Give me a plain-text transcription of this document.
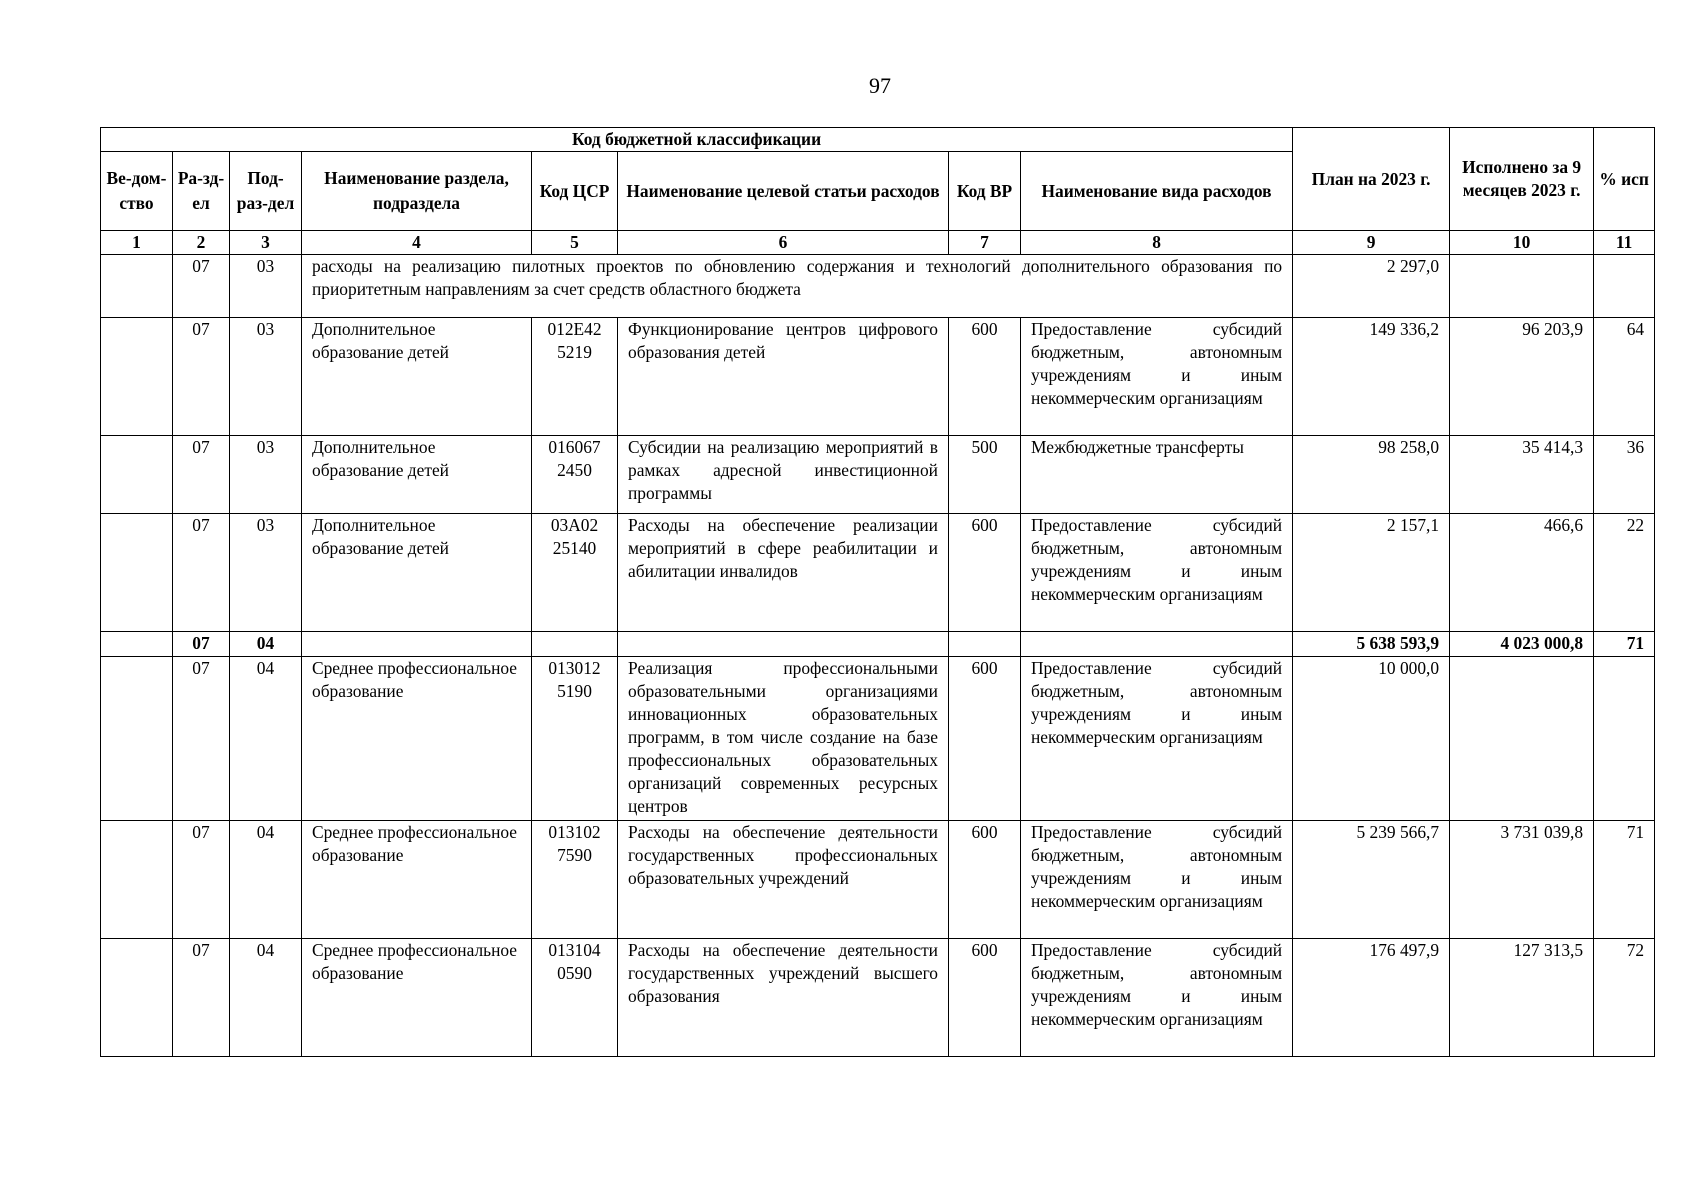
97
Код бюджетной классификации								План на 2023 г.	Исполнено за 9 месяцев 2023 г.	% исп
Ве-дом-ство	Ра-зд-ел	Под-раз-дел	Наименование раздела, подраздела	Код ЦСР	Наименование целевой статьи расходов	Код ВР	Наименование вида расходов			
1	2	3	4	5	6	7	8	9	10	11
	07	03	расходы на реализацию пилотных проектов по обновлению содержания и технологий дополнительного образования по приоритетным направлениям за счет средств областного бюджета					2 297,0		
	07	03	Дополнительное образование детей	012E42 5219	Функционирование центров цифрового образования детей	600	Предоставление субсидий бюджетным, автономным учреждениям и иным некоммерческим организациям	149 336,2	96 203,9	64
	07	03	Дополнительное образование детей	016067 2450	Субсидии на реализацию мероприятий в рамках адресной инвестиционной программы	500	Межбюджетные трансферты	98 258,0	35 414,3	36
	07	03	Дополнительное образование детей	03A02 25140	Расходы на обеспечение реализации мероприятий в сфере реабилитации и абилитации инвалидов	600	Предоставление субсидий бюджетным, автономным учреждениям и иным некоммерческим организациям	2 157,1	466,6	22
	07	04						5 638 593,9	4 023 000,8	71
	07	04	Среднее профессиональное образование	013012 5190	Реализация профессиональными образовательными организациями инновационных образовательных программ, в том числе создание на базе профессиональных образовательных организаций современных ресурсных центров	600	Предоставление субсидий бюджетным, автономным учреждениям и иным некоммерческим организациям	10 000,0		
	07	04	Среднее профессиональное образование	013102 7590	Расходы на обеспечение деятельности государственных профессиональных образовательных учреждений	600	Предоставление субсидий бюджетным, автономным учреждениям и иным некоммерческим организациям	5 239 566,7	3 731 039,8	71
	07	04	Среднее профессиональное образование	013104 0590	Расходы на обеспечение деятельности государственных учреждений высшего образования	600	Предоставление субсидий бюджетным, автономным учреждениям и иным некоммерческим организациям	176 497,9	127 313,5	72
